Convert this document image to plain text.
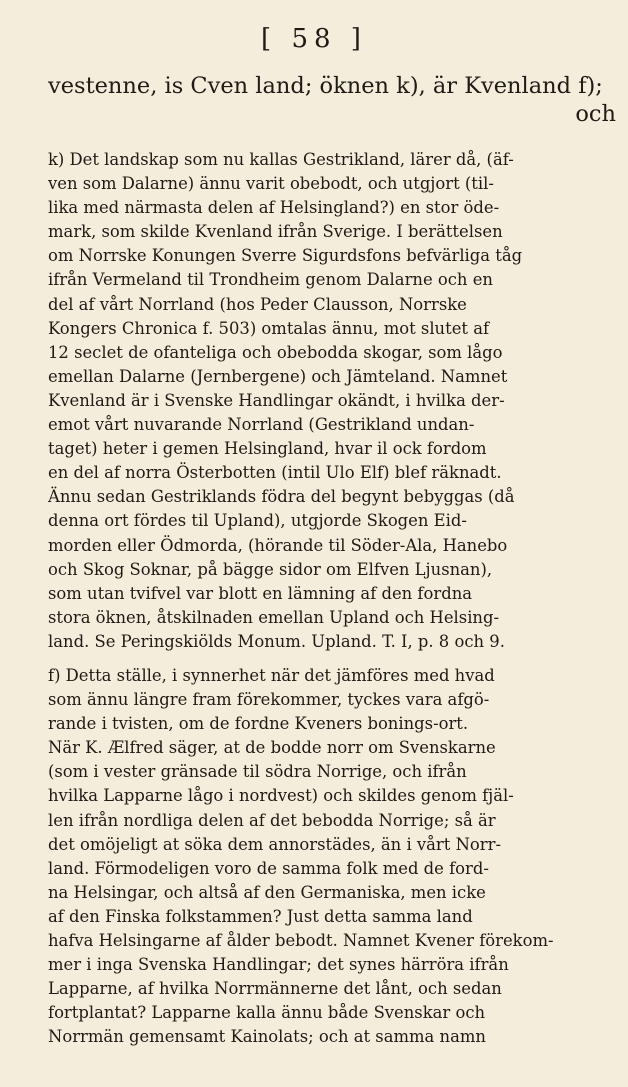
[ 58 ]
vestenne, is Cven land; öknen k), är Kvenland f);
och
k) Det landskap som nu kallas Gestrikland, lärer då, (äf-
ven som Dalarne) ännu varit obebodt, och utgjort (til-
lika med närmasta delen af Helsingland?) en stor öde-
mark, som skilde Kvenland ifrån Sverige. I berättelsen
om Norrske Konungen Sverre Sigurdsfons befvärliga tåg
ifrån Vermeland til Trondheim genom Dalarne och en
del af vårt Norrland (hos Peder Clausson, Norrske
Kongers Chronica f. 503) omtalas ännu, mot slutet af
12 seclet de ofanteliga och obebodda skogar, som lågo
emellan Dalarne (Jernbergene) och Jämteland. Namnet
Kvenland är i Svenske Handlingar okändt, i hvilka der-
emot vårt nuvarande Norrland (Gestrikland undan-
taget) heter i gemen Helsingland, hvar il ock fordom
en del af norra Österbotten (intil Ulo Elf) blef räknadt.
Ännu sedan Gestriklands födra del begynt bebyggas (då
denna ort fördes til Upland), utgjorde Skogen Eid-
morden eller Ödmorda, (hörande til Söder-Ala, Hanebo
och Skog Soknar, på bägge sidor om Elfven Ljusnan),
som utan tvifvel var blott en lämning af den fordna
stora öknen, åtskilnaden emellan Upland och Helsing-
land. Se Peringskiölds Monum. Upland. T. I, p. 8 och 9.
f) Detta ställe, i synnerhet när det jämföres med hvad
som ännu längre fram förekommer, tyckes vara afgö-
rande i tvisten, om de fordne Kveners bonings-ort.
När K. Ælfred säger, at de bodde norr om Svenskarne
(som i vester gränsade til södra Norrige, och ifrån
hvilka Lapparne lågo i nordvest) och skildes genom fjäl-
len ifrån nordliga delen af det bebodda Norrige; så är
det omöjeligt at söka dem annorstädes, än i vårt Norr-
land. Förmodeligen voro de samma folk med de ford-
na Helsingar, och altså af den Germaniska, men icke
af den Finska folkstammen? Just detta samma land
hafva Helsingarne af ålder bebodt. Namnet Kvener förekom-
mer i inga Svenska Handlingar; det synes härröra ifrån
Lapparne, af hvilka Norrmännerne det lånt, och sedan
fortplantat? Lapparne kalla ännu både Svenskar och
Norrmän gemensamt Kainolats; och at samma namn
